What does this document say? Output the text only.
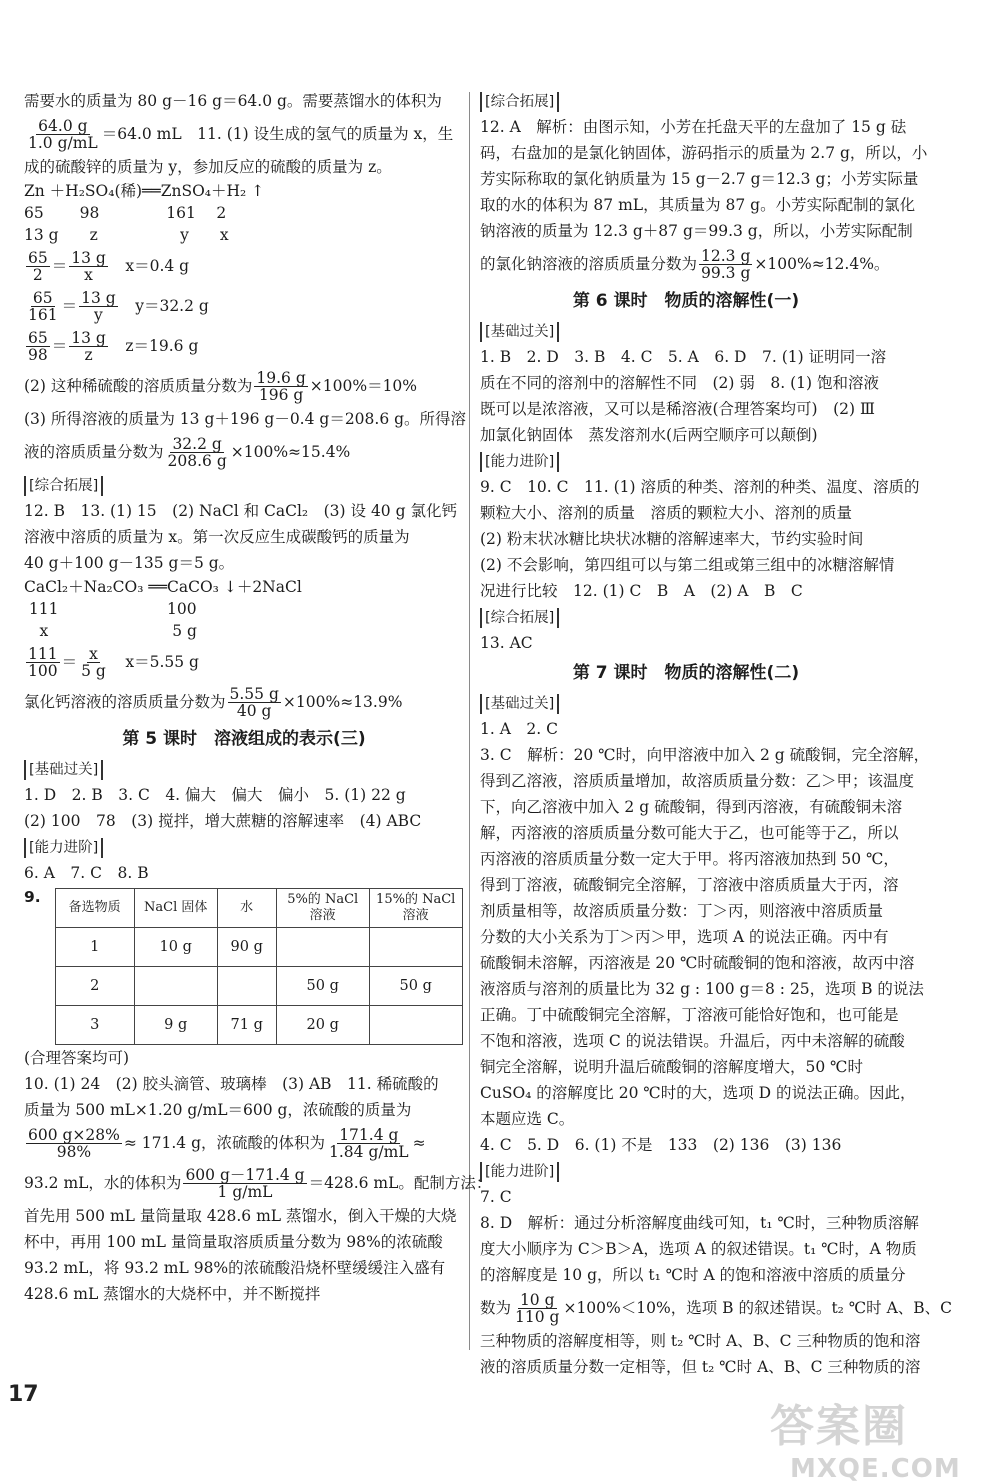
需要水的质量为 80 g－16 g＝64.0 g。需要蒸馏水的体积为
$\frac{64.0 g}{1.0 g/mL} =64.0$ mL　11. (1) 设生成的氢气的质量为 x，生
成的硫酸锌的质量为 y，参加反应的硫酸的质量为 z。
Zn ＋H₂SO₄(稀)══ZnSO₄＋H₂ ↑
65　　 98　　　　 161　 2
13 g　　z　　　　 　y　　x
$\frac{65}{2} = \frac{13 g}{x}$
　 x＝0.4 g
$\frac{65}{161} = \frac{13 g}{y}$
　 y＝32.2 g
$\frac{65}{98} = \frac{13 g}{z}$
　 z＝19.6 g
(2) 这种稀硫酸的溶质质量分数为 $\frac{19.6 g}{196 g} \times 100\%=10\%$
(3) 所得溶液的质量为 13 g＋196 g－0.4 g＝208.6 g。所得溶
液的溶质质量分数为 $\frac{32.2 g}{208.6 g} \times 100\%\approx 15.4\%$
[综合拓展]
12. B　13. (1) 15　(2) NaCl 和 CaCl₂　(3) 设 40 g 氯化钙
溶液中溶质的质量为 x。第一次反应生成碳酸钙的质量为
40 g＋100 g－135 g＝5 g。
CaCl₂＋Na₂CO₃ ══CaCO₃ ↓＋2NaCl
111　　　　　　　100
　x　　　　　　　　5 g
$\frac{111}{100} = \frac{x}{5 g}$
　 x＝5.55 g
氯化钙溶液的溶质质量分数为 $\frac{5.55 g}{40 g} \times 100\%\approx 13.9\%$
第 5 课时　溶液组成的表示(三)
[基础过关]
1. D　2. B　3. C　4. 偏大　偏大　偏小　5. (1) 22 g
(2) 100　78　(3) 搅拌，增大蔗糖的溶解速率　(4) ABC
[能力进阶]
6. A　7. C　8. B
9.
备选物质	NaCl 固体	水	5%的 NaCl 溶液	15%的 NaCl 溶液
1	10 g	90 g		
2			50 g	50 g
3	9 g	71 g	20 g	
(合理答案均可)
10. (1) 24　(2) 胶头滴管、玻璃棒　(3) AB　11. 稀硫酸的
质量为 500 mL×1.20 g/mL＝600 g，浓硫酸的质量为
$\frac{600 g\times 28\%}{98\%} \approx 171.4$ g，浓硫酸的体积为 $\frac{171.4 g}{1.84 g/mL}$ ≈
93.2 mL，水的体积为 $\frac{600 g-171.4 g}{1 g/mL} =428.6$ mL。配制方法：
首先用 500 mL 量筒量取 428.6 mL 蒸馏水，倒入干燥的大烧
杯中，再用 100 mL 量筒量取溶质质量分数为 98%的浓硫酸
93.2 mL，将 93.2 mL 98%的浓硫酸沿烧杯壁缓缓注入盛有
428.6 mL 蒸馏水的大烧杯中，并不断搅拌
[综合拓展]
12. A　解析：由图示知，小芳在托盘天平的左盘加了 15 g 砝
码，右盘加的是氯化钠固体，游码指示的质量为 2.7 g，所以，小
芳实际称取的氯化钠质量为 15 g－2.7 g＝12.3 g；小芳实际量
取的水的体积为 87 mL，其质量为 87 g。小芳实际配制的氯化
钠溶液的质量为 12.3 g＋87 g＝99.3 g，所以，小芳实际配制
的氯化钠溶液的溶质质量分数为 $\frac{12.3 g}{99.3 g} \times 100\%\approx 12.4\%$。
第 6 课时　物质的溶解性(一)
[基础过关]
1. B　2. D　3. B　4. C　5. A　6. D　7. (1) 证明同一溶
质在不同的溶剂中的溶解性不同　(2) 弱　8. (1) 饱和溶液
既可以是浓溶液，又可以是稀溶液(合理答案均可)　(2) Ⅲ
加氯化钠固体　蒸发溶剂水(后两空顺序可以颠倒)
[能力进阶]
9. C　10. C　11. (1) 溶质的种类、溶剂的种类、温度、溶质的
颗粒大小、溶剂的质量　溶质的颗粒大小、溶剂的质量
(2) 粉末状冰糖比块状冰糖的溶解速率大，节约实验时间
(2) 不会影响，第四组可以与第二组或第三组中的冰糖溶解情
况进行比较　12. (1) C　B　A　(2) A　B　C
[综合拓展]
13. AC
第 7 课时　物质的溶解性(二)
[基础过关]
1. A　2. C
3. C　解析：20 ℃时，向甲溶液中加入 2 g 硫酸铜，完全溶解，
得到乙溶液，溶质质量增加，故溶质质量分数：乙＞甲；该温度
下，向乙溶液中加入 2 g 硫酸铜，得到丙溶液，有硫酸铜未溶
解，丙溶液的溶质质量分数可能大于乙，也可能等于乙，所以
丙溶液的溶质质量分数一定大于甲。将丙溶液加热到 50 ℃，
得到丁溶液，硫酸铜完全溶解，丁溶液中溶质质量大于丙，溶
剂质量相等，故溶质质量分数：丁＞丙，则溶液中溶质质量
分数的大小关系为丁＞丙＞甲，选项 A 的说法正确。丙中有
硫酸铜未溶解，丙溶液是 20 ℃时硫酸铜的饱和溶液，故丙中溶
液溶质与溶剂的质量比为 32 g : 100 g＝8 : 25，选项 B 的说法
正确。丁中硫酸铜完全溶解，丁溶液可能恰好饱和，也可能是
不饱和溶液，选项 C 的说法错误。升温后，丙中未溶解的硫酸
铜完全溶解，说明升温后硫酸铜的溶解度增大，50 ℃时
CuSO₄ 的溶解度比 20 ℃时的大，选项 D 的说法正确。因此，
本题应选 C。
4. C　5. D　6. (1) 不是　133　(2) 136　(3) 136
[能力进阶]
7. C
8. D　解析：通过分析溶解度曲线可知，t₁ ℃时，三种物质溶解
度大小顺序为 C＞B＞A，选项 A 的叙述错误。t₁ ℃时，A 物质
的溶解度是 10 g，所以 t₁ ℃时 A 的饱和溶液中溶质的质量分
数为 $\frac{10 g}{110 g} \times 100\%<10\%$，选项 B 的叙述错误。t₂ ℃时 A、B、C
三种物质的溶解度相等，则 t₂ ℃时 A、B、C 三种物质的饱和溶
液的溶质质量分数一定相等，但 t₂ ℃时 A、B、C 三种物质的溶
17
答案圈
MXQE.COM
